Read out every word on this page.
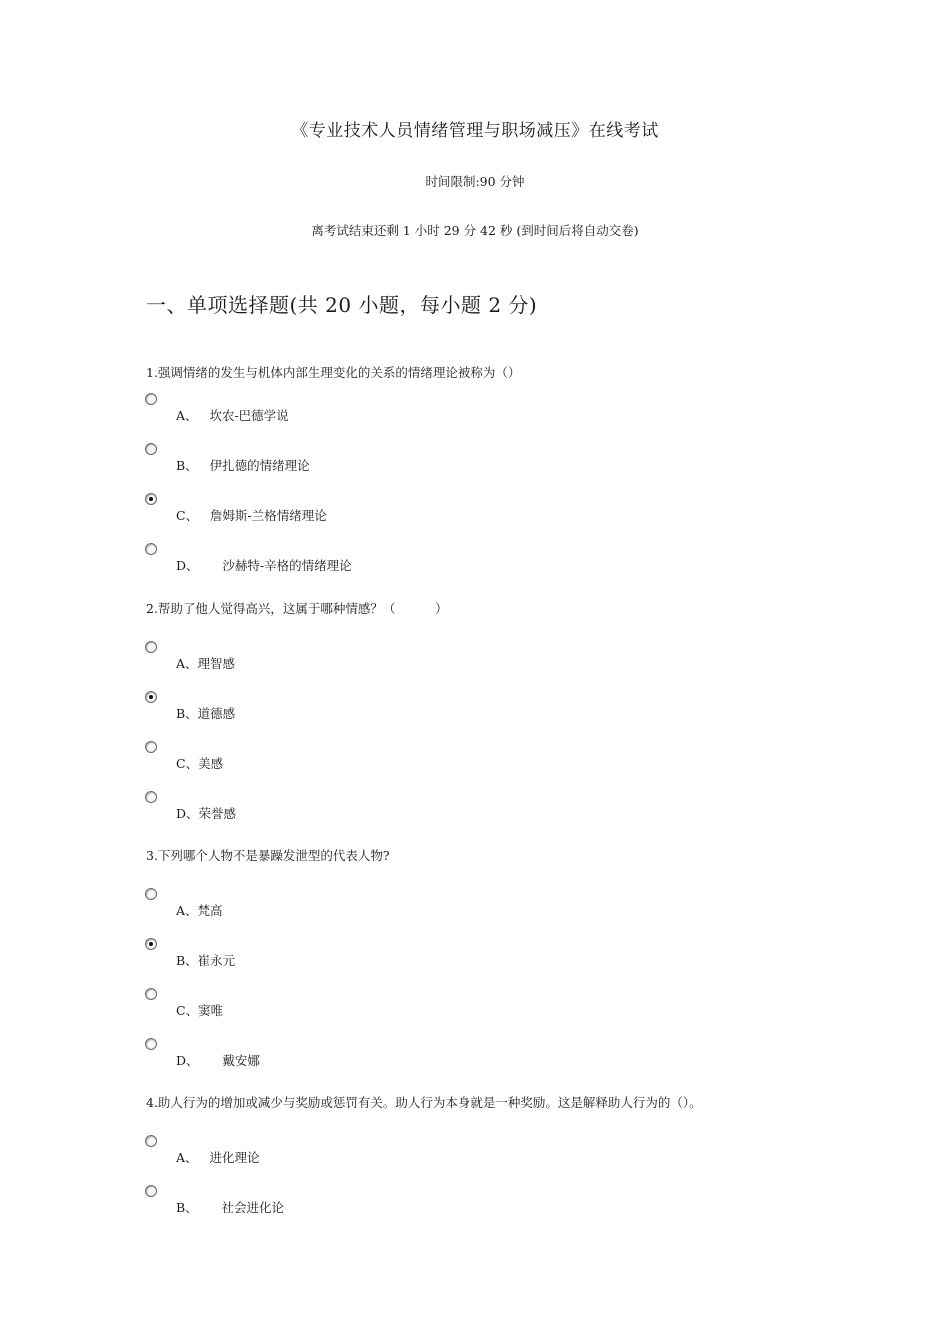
《专业技术人员情绪管理与职场减压》在线考试
时间限制:90 分钟
离考试结束还剩 1 小时 29 分 42 秒 (到时间后将自动交卷)
一、单项选择题(共 20 小题，每小题 2 分)
1.强调情绪的发生与机体内部生理变化的关系的情绪理论被称为（）
A、   坎农-巴德学说
B、   伊扎德的情绪理论
C、   詹姆斯-兰格情绪理论
D、      沙赫特-辛格的情绪理论
2.帮助了他人觉得高兴，这属于哪种情感？（          ）
A、理智感
B、道德感
C、美感
D、荣誉感
3.下列哪个人物不是暴躁发泄型的代表人物?
A、梵高
B、崔永元
C、窦唯
D、      戴安娜
4.助人行为的增加或减少与奖励或惩罚有关。助人行为本身就是一种奖励。这是解释助人行为的（）。
A、   进化理论
B、      社会进化论
